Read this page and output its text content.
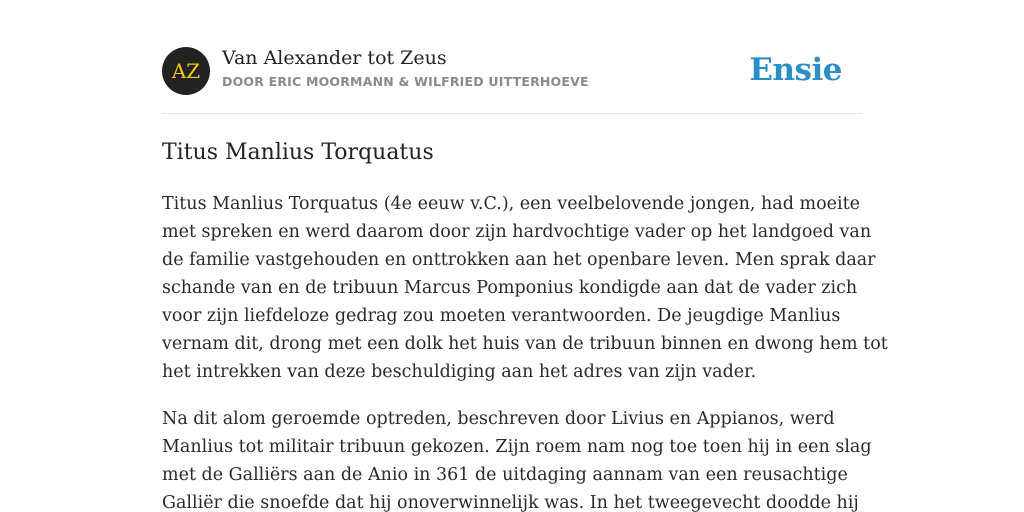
AZ
Van Alexander tot Zeus
DOOR ERIC MOORMANN & WILFRIED UITTERHOEVE	Ensie
Titus Manlius Torquatus

Titus Manlius Torquatus (4e eeuw v.C.), een veelbelovende jongen, had moeite
met spreken en werd daarom door zijn hardvochtige vader op het landgoed van
de familie vastgehouden en onttrokken aan het openbare leven. Men sprak daar
schande van en de tribuun Marcus Pomponius kondigde aan dat de vader zich
voor zijn liefdeloze gedrag zou moeten verantwoorden. De jeugdige Manlius
vernam dit, drong met een dolk het huis van de tribuun binnen en dwong hem tot
het intrekken van deze beschuldiging aan het adres van zijn vader.

Na dit alom geroemde optreden, beschreven door Livius en Appianos, werd
Manlius tot militair tribuun gekozen. Zijn roem nam nog toe toen hij in een slag
met de Galliërs aan de Anio in 361 de uitdaging aannam van een reusachtige
Galliër die snoefde dat hij onoverwinnelijk was. In het tweegevecht doodde hij
